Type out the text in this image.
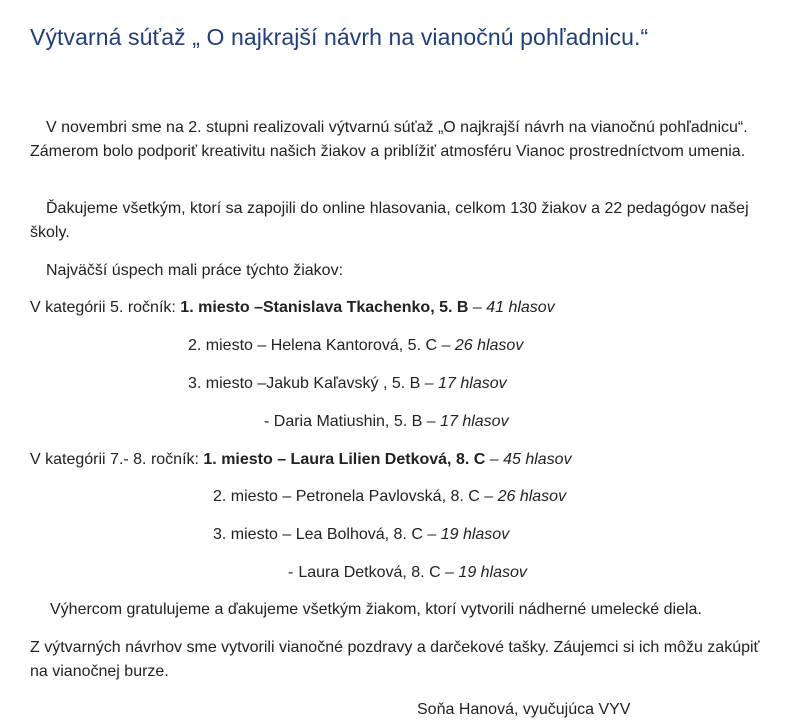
Výtvarná súťaž „ O najkrajší návrh na vianočnú pohľadnicu.“
V novembri sme na 2. stupni realizovali výtvarnú súťaž „O najkrajší návrh na vianočnú pohľadnicu“. Zámerom bolo podporiť kreativitu našich žiakov a priblížiť atmosféru Vianoc prostredníctvom umenia.
Ďakujeme všetkým, ktorí sa zapojili do online hlasovania, celkom 130 žiakov a 22 pedagógov našej školy.
Najväčší úspech mali práce týchto žiakov:
V kategórii 5. ročník: 1. miesto –Stanislava Tkachenko, 5. B – 41 hlasov
2. miesto – Helena Kantorová, 5. C – 26 hlasov
3. miesto –Jakub Kaľavský , 5. B – 17 hlasov
- Daria Matiushin, 5. B – 17 hlasov
V kategórii 7.- 8. ročník: 1. miesto – Laura Lilien Detková, 8. C – 45 hlasov
2. miesto – Petronela Pavlovská, 8. C – 26 hlasov
3. miesto – Lea Bolhová, 8. C – 19 hlasov
- Laura Detková, 8. C – 19 hlasov
Výhercom gratulujeme a ďakujeme všetkým žiakom, ktorí vytvorili nádherné umelecké diela.
Z výtvarných návrhov sme vytvorili vianočné pozdravy a darčekové tašky. Záujemci si ich môžu zakúpiť na vianočnej burze.
Soňa Hanová, vyučujúca VYV
